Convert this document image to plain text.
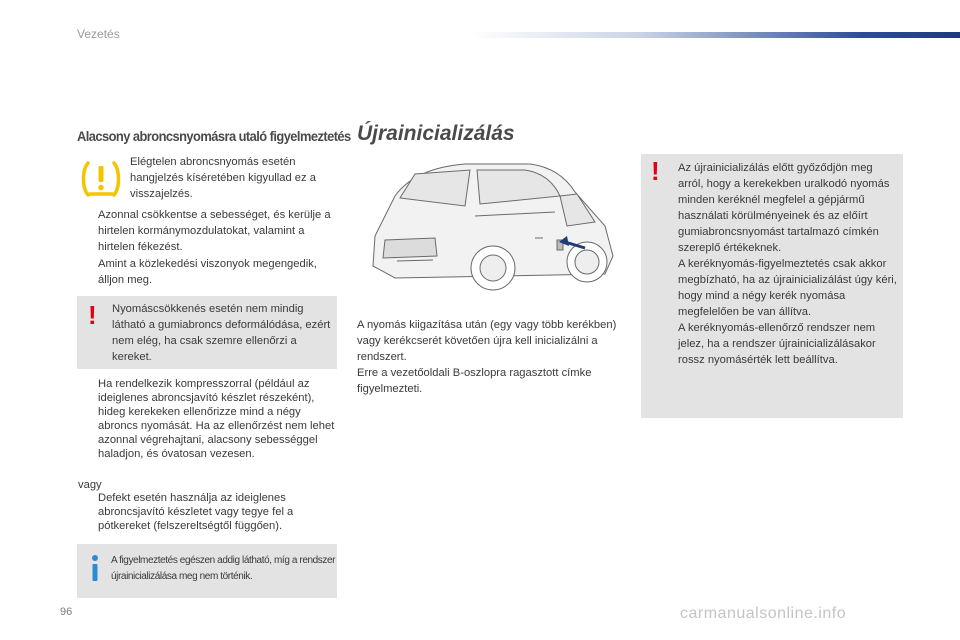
Vezetés
Alacsony abroncsnyomásra utaló figyelmeztetés
Elégtelen abroncsnyomás esetén hangjelzés kíséretében kigyullad ez a visszajelzés.
Azonnal csökkentse a sebességet, és kerülje a hirtelen kormánymozdulatokat, valamint a hirtelen fékezést.
Amint a közlekedési viszonyok megengedik, álljon meg.
! Nyomáscsökkenés esetén nem mindig látható a gumiabroncs deformálódása, ezért nem elég, ha csak szemre ellenőrzi a kereket.
Ha rendelkezik kompresszorral (például az ideiglenes abroncsjavító készlet részeként), hideg kerekeken ellenőrizze mind a négy abroncs nyomását. Ha az ellenőrzést nem lehet azonnal végrehajtani, alacsony sebességgel haladjon, és óvatosan vezesen.
vagy
Defekt esetén használja az ideiglenes abroncsjavító készletet vagy tegye fel a pótkereket (felszereltségtől függően).
A figyelmeztetés egészen addig látható, míg a rendszer újrainicializálása meg nem történik.
Újrainicializálás
A nyomás kiigazítása után (egy vagy több kerékben) vagy kerékcserét követően újra kell inicializálni a rendszert.
Erre a vezetőoldali B-oszlopra ragasztott címke figyelmezteti.
! Az újrainicializálás előtt győződjön meg arról, hogy a kerekekben uralkodó nyomás minden keréknél megfelel a gépjármű használati körülményeinek és az előírt gumiabroncsnyomást tartalmazó címkén szereplő értékeknek.
A keréknyomás-figyelmeztetés csak akkor megbízható, ha az újrainicializálást úgy kéri, hogy mind a négy kerék nyomása megfelelően be van állítva.
A keréknyomás-ellenőrző rendszer nem jelez, ha a rendszer újrainicializálásakor rossz nyomásérték lett beállítva.
96	carmanualsonline.info
